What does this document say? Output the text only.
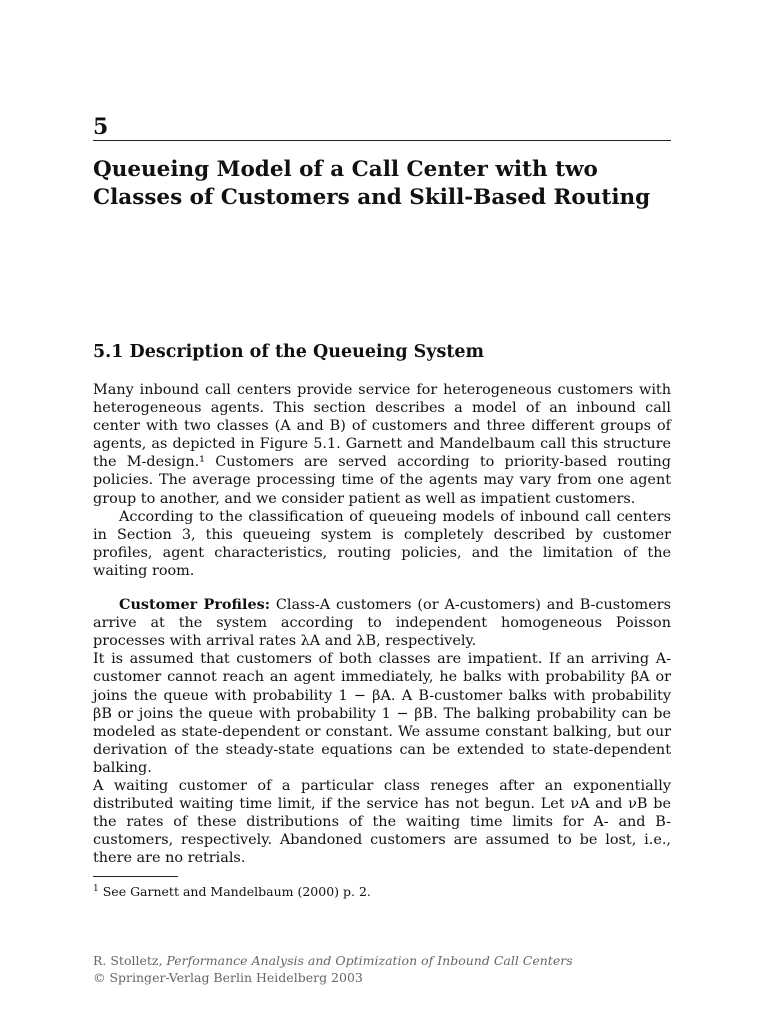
5
Queueing Model of a Call Center with two
Classes of Customers and Skill-Based Routing
5.1 Description of the Queueing System

Many inbound call centers provide service for heterogeneous customers with heterogeneous agents. This section describes a model of an inbound call center with two classes (A and B) of customers and three different groups of agents, as depicted in Figure 5.1. Garnett and Mandelbaum call this structure the M-design.¹ Customers are served according to priority-based routing policies. The average processing time of the agents may vary from one agent group to another, and we consider patient as well as impatient customers.

According to the classification of queueing models of inbound call centers in Section 3, this queueing system is completely described by customer profiles, agent characteristics, routing policies, and the limitation of the waiting room.

Customer Profiles: Class-A customers (or A-customers) and B-customers arrive at the system according to independent homogeneous Poisson processes with arrival rates λA and λB, respectively.

It is assumed that customers of both classes are impatient. If an arriving A-customer cannot reach an agent immediately, he balks with probability βA or joins the queue with probability 1 − βA. A B-customer balks with probability βB or joins the queue with probability 1 − βB. The balking probability can be modeled as state-dependent or constant. We assume constant balking, but our derivation of the steady-state equations can be extended to state-dependent balking.

A waiting customer of a particular class reneges after an exponentially distributed waiting time limit, if the service has not begun. Let νA and νB be the rates of these distributions of the waiting time limits for A- and B-customers, respectively. Abandoned customers are assumed to be lost, i.e., there are no retrials.

$^1$ See Garnett and Mandelbaum (2000) p. 2.
R. Stolletz, Performance Analysis and Optimization of Inbound Call Centers
© Springer-Verlag Berlin Heidelberg 2003
